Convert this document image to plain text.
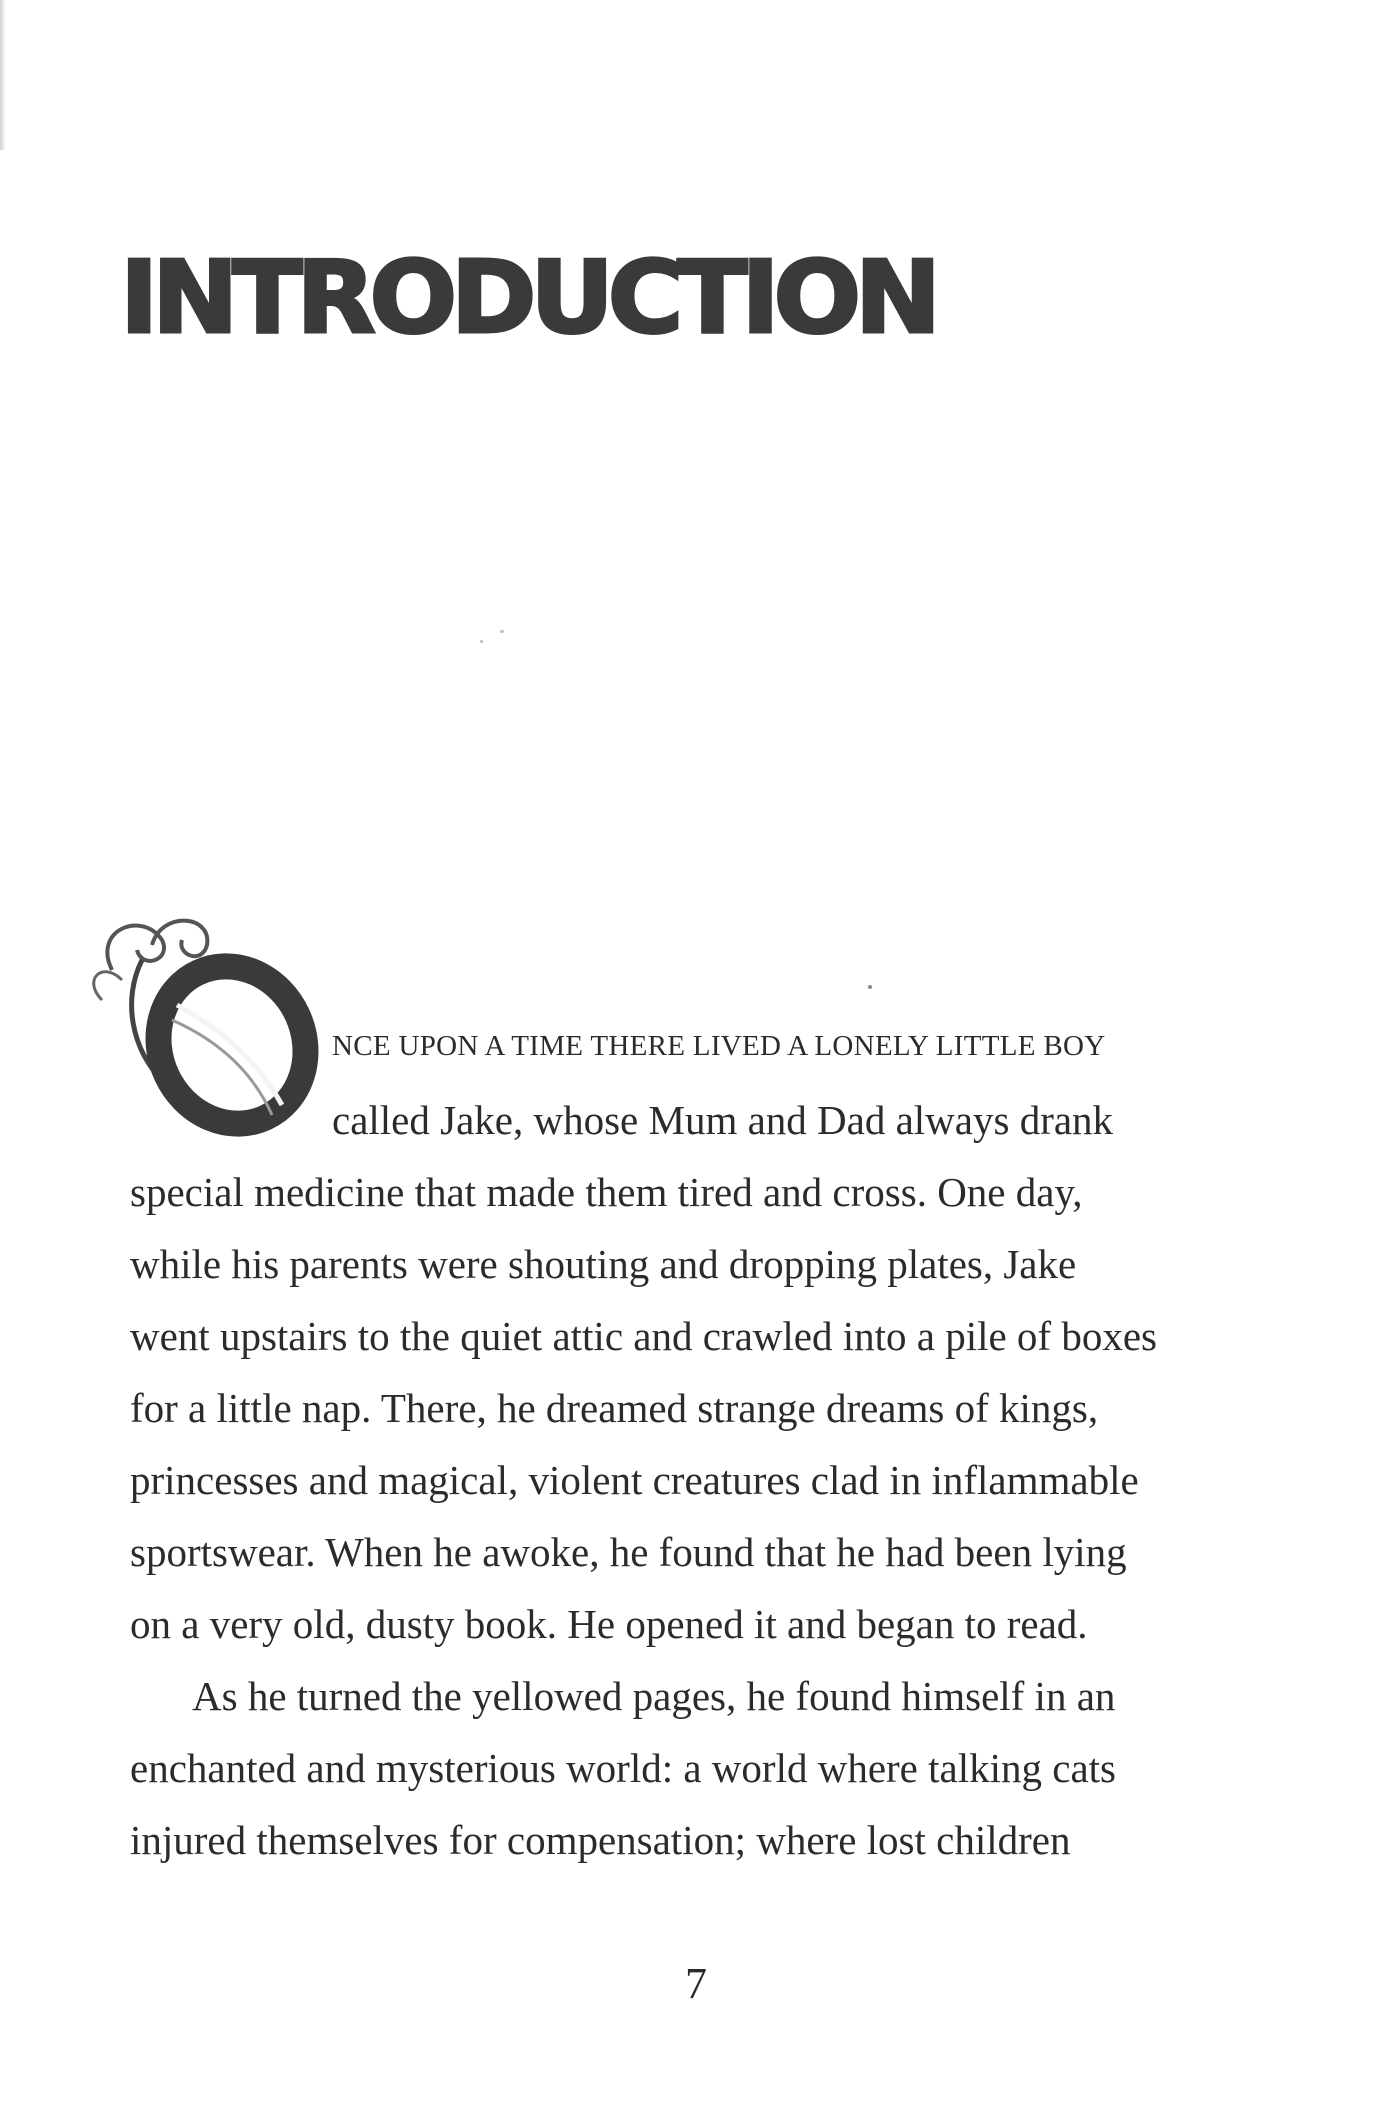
INTRODUCTION
O
NCE UPON A TIME THERE LIVED A LONELY LITTLE BOY
called Jake, whose Mum and Dad always drank
special medicine that made them tired and cross. One day,
while his parents were shouting and dropping plates, Jake
went upstairs to the quiet attic and crawled into a pile of boxes
for a little nap. There, he dreamed strange dreams of kings,
princesses and magical, violent creatures clad in inflammable
sportswear. When he awoke, he found that he had been lying
on a very old, dusty book. He opened it and began to read.
As he turned the yellowed pages, he found himself in an
enchanted and mysterious world: a world where talking cats
injured themselves for compensation; where lost children
7
